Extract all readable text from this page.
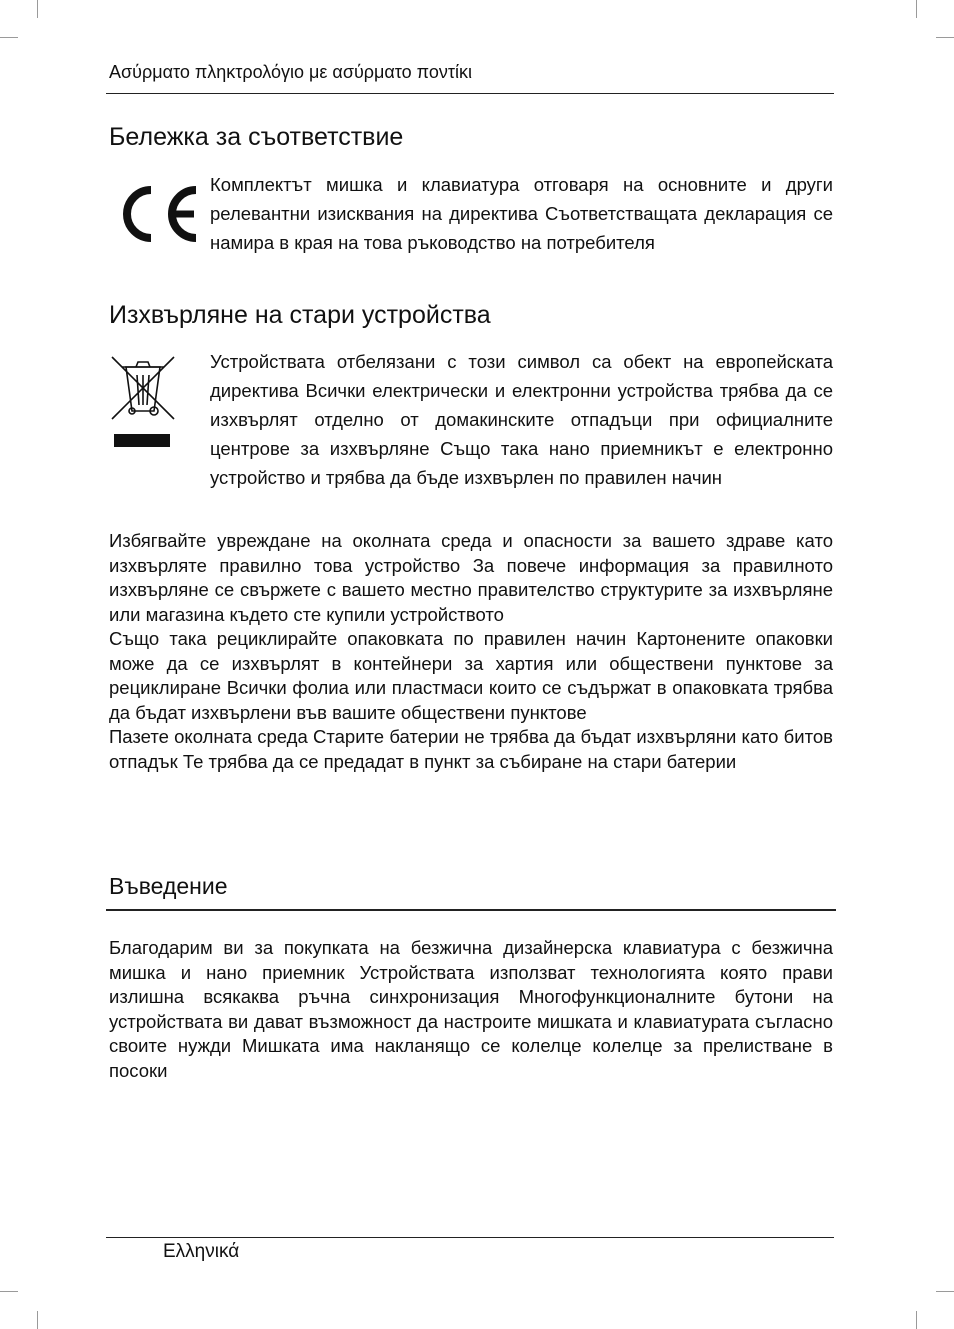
Ασύρματο πληκτρολόγιο με ασύρματο ποντίκι
Бележка за съответствие

Комплектът мишка и клавиатура отговаря на основните и други релевантни изисквания на директива Съответстващата декларация се намира в края на това ръководство на потребителя

Изхвърляне на стари устройства

Устройствата отбелязани с този символ са обект на европейската директива Всички електрически и електронни устройства трябва да се изхвърлят отделно от домакинските отпадъци при официалните центрове за изхвърляне Също така нано приемникът е електронно устройство и трябва да бъде изхвърлен по правилен начин

Избягвайте увреждане на околната среда и опасности за вашето здраве като изхвърляте правилно това устройство За повече информация за правилното изхвърляне се свържете с вашето местно правителство структурите за изхвърляне или магазина където сте купили устройството

Също така рециклирайте опаковката по правилен начин Картонените опаковки може да се изхвърлят в контейнери за хартия или обществени пунктове за рециклиране Всички фолиа или пластмаси които се съдържат в опаковката трябва да бъдат изхвърлени във вашите обществени пунктове

Пазете околната среда Старите батерии не трябва да бъдат изхвърляни като битов отпадък Те трябва да се предадат в пункт за събиране на стари батерии

Въведение

Благодарим ви за покупката на безжична дизайнерска клавиатура с безжична мишка и нано приемник Устройствата използват технологията която прави излишна всякаква ръчна синхронизация Многофункционалните бутони на устройствата ви дават възможност да настроите мишката и клавиатурата съгласно своите нужди Мишката има накланящо се колелце колелце за прелистване в посоки

Ελληνικά
